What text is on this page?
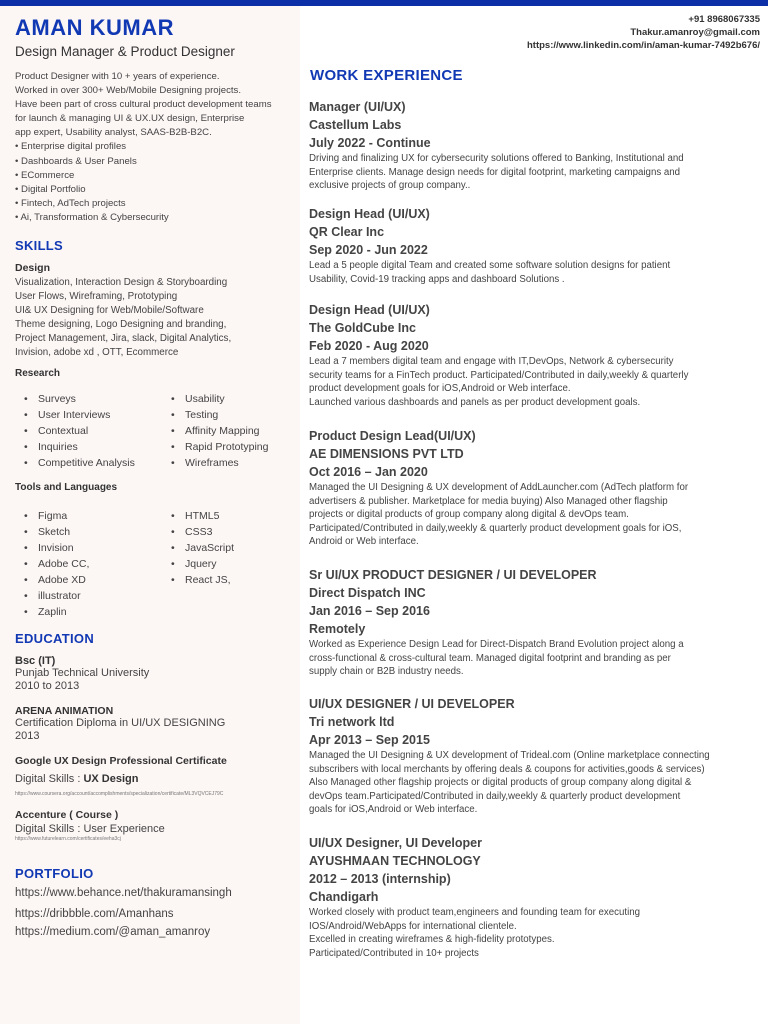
AMAN KUMAR
Design Manager & Product Designer
Product Designer with 10 + years of experience.
Worked in over 300+ Web/Mobile Designing projects.
Have been part of cross cultural product development teams
for launch & managing UI & UX.UX design, Enterprise
app expert, Usability analyst, SAAS-B2B-B2C.
• Enterprise digital profiles
• Dashboards & User Panels
• ECommerce
• Digital Portfolio
• Fintech, AdTech projects
• Ai, Transformation & Cybersecurity
SKILLS
Design
Visualization, Interaction Design & Storyboarding
User Flows, Wireframing, Prototyping
UI& UX Designing for Web/Mobile/Software
Theme designing, Logo Designing and branding,
Project Management, Jira, slack, Digital Analytics,
Invision, adobe xd , OTT, Ecommerce
Research
• Surveys
• User Interviews
• Contextual
• Inquiries
• Competitive Analysis
• Usability
• Testing
• Affinity Mapping
• Rapid Prototyping
• Wireframes
Tools and Languages
• Figma
• Sketch
• Invision
• Adobe CC,
• Adobe XD
• illustrator
• Zaplin
• HTML5
• CSS3
• JavaScript
• Jquery
• React JS,
EDUCATION
Bsc (IT)
Punjab Technical University
2010 to 2013
ARENA ANIMATION
Certification Diploma in UI/UX DESIGNING
2013
Google UX Design Professional Certificate
Digital Skills : UX Design
https://www.coursera.org/account/accomplishments/specialization/certificate/ML3VQVCEJ79C
Accenture ( Course )
Digital Skills : User Experience
https://www.futurelearn.com/certificates/eeha3cj
PORTFOLIO
https://www.behance.net/thakuramansingh
https://dribbble.com/Amanhans
https://medium.com/@aman_amanroy
+91 8968067335
Thakur.amanroy@gmail.com
https://www.linkedin.com/in/aman-kumar-7492b676/
WORK EXPERIENCE
Manager (UI/UX)
Castellum Labs
July 2022 - Continue
Driving and finalizing UX for cybersecurity solutions offered to Banking, Institutional and
Enterprise clients. Manage design needs for digital footprint, marketing campaigns and
exclusive projects of group company..
Design Head (UI/UX)
QR Clear Inc
Sep 2020 - Jun 2022
Lead a 5 people digital Team and created some software solution designs for patient
Usability, Covid-19 tracking apps and dashboard Solutions .
Design Head (UI/UX)
The GoldCube Inc
Feb 2020 - Aug 2020
Lead a 7 members digital team and engage with IT,DevOps, Network & cybersecurity
security teams for a FinTech product. Participated/Contributed in daily,weekly & quarterly
product development goals for iOS,Android or Web interface.
Launched various dashboards and panels as per product development goals.
Product Design Lead(UI/UX)
AE DIMENSIONS PVT LTD
Oct 2016 – Jan 2020
Managed the UI Designing & UX development of AddLauncher.com (AdTech platform for
advertisers & publisher. Marketplace for media buying) Also Managed other flagship
projects or digital products of group company along digital & devOps team.
Participated/Contributed in daily,weekly & quarterly product development goals for iOS,
Android or Web interface.
Sr UI/UX PRODUCT DESIGNER / UI DEVELOPER
Direct Dispatch INC
Jan 2016 – Sep 2016
Remotely
Worked as Experience Design Lead for Direct-Dispatch Brand Evolution project along a
cross-functional & cross-cultural team. Managed digital footprint and branding as per
supply chain or B2B industry needs.
UI/UX DESIGNER / UI DEVELOPER
Tri network ltd
Apr 2013 – Sep 2015
Managed the UI Designing & UX development of Trideal.com (Online marketplace connecting
subscribers with local merchants by offering deals & coupons for activities,goods & services)
Also Managed other flagship projects or digital products of group company along digital &
devOps team.Participated/Contributed in daily,weekly & quarterly product development
goals for iOS,Android or Web interface.
UI/UX Designer, UI Developer
AYUSHMAAN TECHNOLOGY
2012 – 2013 (internship)
Chandigarh
Worked closely with product team,engineers and founding team for executing
IOS/Android/WebApps for international clientele.
Excelled in creating wireframes & high-fidelity prototypes.
Participated/Contributed in 10+ projects
